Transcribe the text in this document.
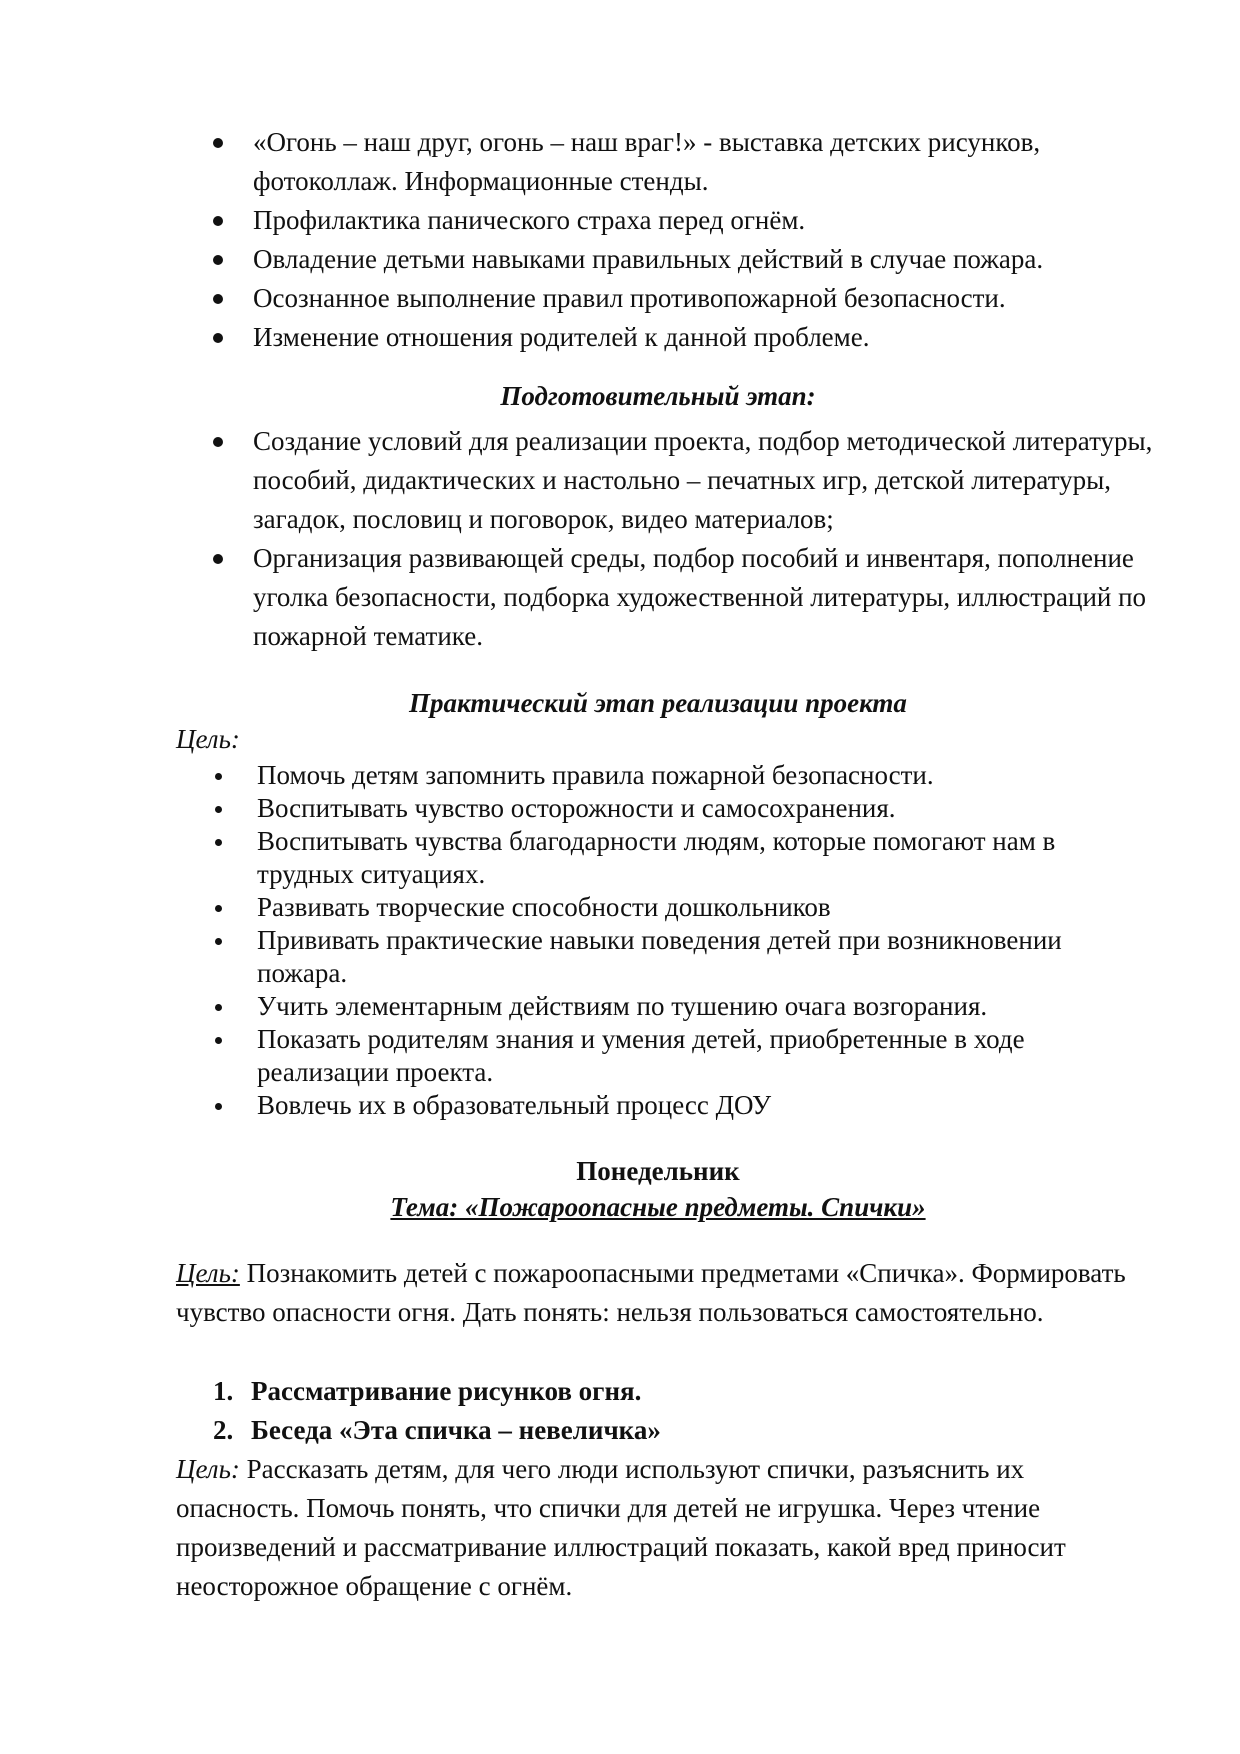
«Огонь – наш друг, огонь – наш враг!» - выставка детских рисунков, фотоколлаж. Информационные стенды.
Профилактика панического страха перед огнём.
Овладение детьми навыками правильных действий в случае пожара.
Осознанное выполнение правил противопожарной безопасности.
Изменение отношения родителей к данной проблеме.
Подготовительный этап:
Создание условий для реализации проекта, подбор методической литературы, пособий, дидактических и настольно – печатных игр, детской литературы, загадок, пословиц и поговорок, видео материалов;
Организация развивающей среды, подбор пособий и инвентаря, пополнение уголка безопасности, подборка художественной литературы, иллюстраций по пожарной тематике.
Практический этап реализации проекта
Цель:
Помочь детям запомнить правила пожарной безопасности.
Воспитывать чувство осторожности и самосохранения.
Воспитывать чувства благодарности людям, которые помогают нам в трудных ситуациях.
Развивать творческие способности дошкольников
Прививать практические навыки поведения детей при возникновении пожара.
Учить элементарным действиям по тушению очага возгорания.
Показать родителям знания и умения детей, приобретенные в ходе реализации проекта.
Вовлечь их в образовательный процесс ДОУ
Понедельник
Тема: «Пожароопасные предметы. Спички»
Цель: Познакомить детей с пожароопасными предметами «Спичка». Формировать чувство опасности огня. Дать понять: нельзя пользоваться самостоятельно.
1. Рассматривание рисунков огня.
2. Беседа «Эта спичка – невеличка»
Цель: Рассказать детям, для чего люди используют спички, разъяснить их опасность. Помочь понять, что спички для детей не игрушка. Через чтение произведений и рассматривание иллюстраций показать, какой вред приносит неосторожное обращение с огнём.
